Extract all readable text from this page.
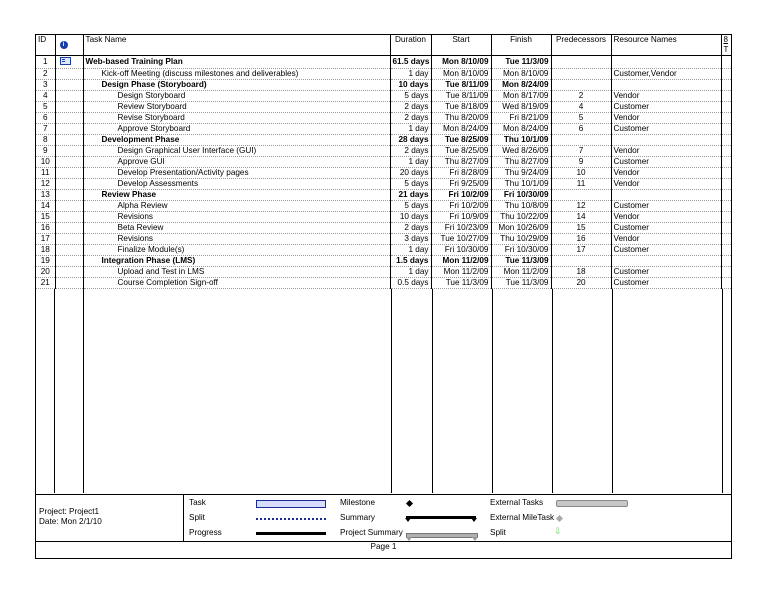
ID	i	Task Name	Duration	Start	Finish	Predecessors	Resource Names	8
T
1		Web-based Training Plan	61.5 days	Mon 8/10/09	Tue 11/3/09			
2		Kick-off Meeting (discuss milestones and deliverables)	1 day	Mon 8/10/09	Mon 8/10/09		Customer,Vendor	
3		Design Phase (Storyboard)	10 days	Tue 8/11/09	Mon 8/24/09			
4		Design Storyboard	5 days	Tue 8/11/09	Mon 8/17/09	2	Vendor	
5		Review Storyboard	2 days	Tue 8/18/09	Wed 8/19/09	4	Customer	
6		Revise Storyboard	2 days	Thu 8/20/09	Fri 8/21/09	5	Vendor	
7		Approve Storyboard	1 day	Mon 8/24/09	Mon 8/24/09	6	Customer	
8		Development Phase	28 days	Tue 8/25/09	Thu 10/1/09			
9		Design Graphical User Interface (GUI)	2 days	Tue 8/25/09	Wed 8/26/09	7	Vendor	
10		Approve GUI	1 day	Thu 8/27/09	Thu 8/27/09	9	Customer	
11		Develop Presentation/Activity pages	20 days	Fri 8/28/09	Thu 9/24/09	10	Vendor	
12		Develop Assessments	5 days	Fri 9/25/09	Thu 10/1/09	11	Vendor	
13		Review Phase	21 days	Fri 10/2/09	Fri 10/30/09			
14		Alpha Review	5 days	Fri 10/2/09	Thu 10/8/09	12	Customer	
15		Revisions	10 days	Fri 10/9/09	Thu 10/22/09	14	Vendor	
16		Beta Review	2 days	Fri 10/23/09	Mon 10/26/09	15	Customer	
17		Revisions	3 days	Tue 10/27/09	Thu 10/29/09	16	Vendor	
18		Finalize Module(s)	1 day	Fri 10/30/09	Fri 10/30/09	17	Customer	
19		Integration Phase (LMS)	1.5 days	Mon 11/2/09	Tue 11/3/09			
20		Upload and Test in LMS	1 day	Mon 11/2/09	Mon 11/2/09	18	Customer	
21		Course Completion Sign-off	0.5 days	Tue 11/3/09	Tue 11/3/09	20	Customer	
Project: Project1
Date: Mon 2/1/10
Task
Split
Progress
Milestone
Summary
Project Summary
External Tasks
External MileTask
Split	⇩
Page 1
